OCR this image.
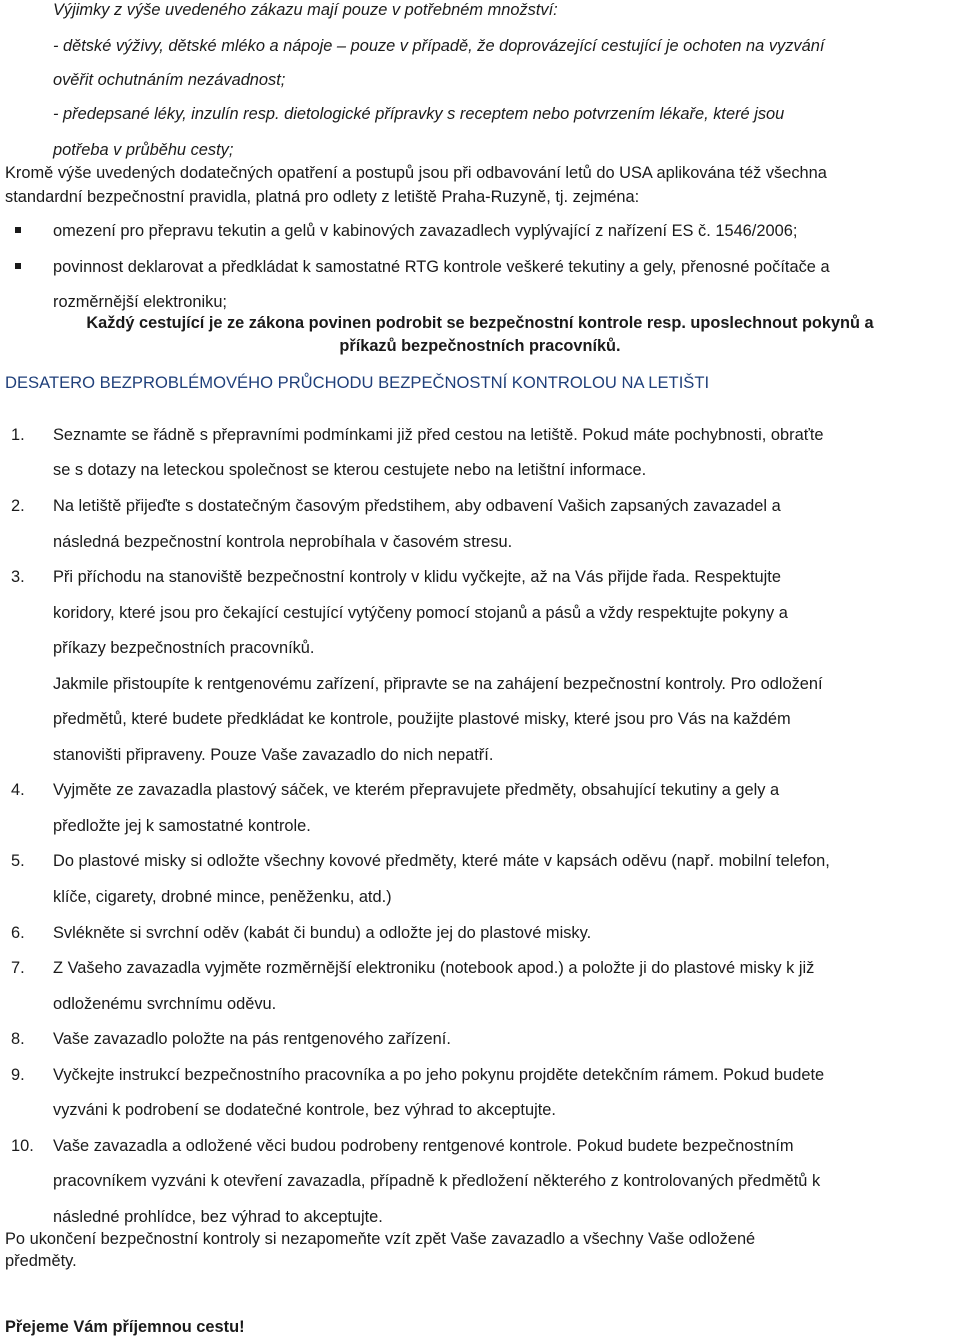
Výjimky z výše uvedeného zákazu mají pouze v potřebném množství:
- dětské výživy, dětské mléko a nápoje – pouze v případě, že doprovázející cestující je ochoten na vyzvání
ověřit ochutnáním nezávadnost;
- předepsané léky, inzulín resp. dietologické přípravky s receptem nebo potvrzením lékaře, které jsou
potřeba v průběhu cesty;
Kromě výše uvedených dodatečných opatření a postupů jsou při odbavování letů do USA aplikována též všechna
standardní bezpečnostní pravidla, platná pro odlety z letiště Praha-Ruzyně, tj. zejména:
omezení pro přepravu tekutin a gelů v kabinových zavazadlech vyplývající z nařízení ES č. 1546/2006;
povinnost deklarovat a předkládat k samostatné RTG kontrole veškeré tekutiny a gely, přenosné počítače a
rozměrnější elektroniku;
Každý cestující je ze zákona povinen podrobit se bezpečnostní kontrole resp. uposlechnout pokynů a
příkazů bezpečnostních pracovníků.
DESATERO BEZPROBLÉMOVÉHO PRŮCHODU BEZPEČNOSTNÍ KONTROLOU NA LETIŠTI
1. Seznamte se řádně s přepravními podmínkami již před cestou na letiště. Pokud máte pochybnosti, obraťte
se s dotazy na leteckou společnost se kterou cestujete nebo na letištní informace.
2. Na letiště přijeďte s dostatečným časovým předstihem, aby odbavení Vašich zapsaných zavazadel a
následná bezpečnostní kontrola neprobíhala v časovém stresu.
3. Při příchodu na stanoviště bezpečnostní kontroly v klidu vyčkejte, až na Vás přijde řada. Respektujte
koridory, které jsou pro čekající cestující vytýčeny pomocí stojanů a pásů a vždy respektujte pokyny a
příkazy bezpečnostních pracovníků.
Jakmile přistoupíte k rentgenovému zařízení, připravte se na zahájení bezpečnostní kontroly. Pro odložení
předmětů, které budete předkládat ke kontrole, použijte plastové misky, které jsou pro Vás na každém
stanovišti připraveny. Pouze Vaše zavazadlo do nich nepatří.
4. Vyjměte ze zavazadla plastový sáček, ve kterém přepravujete předměty, obsahující tekutiny a gely a
předložte jej k samostatné kontrole.
5. Do plastové misky si odložte všechny kovové předměty, které máte v kapsách oděvu (např. mobilní telefon,
klíče, cigarety, drobné mince, peněženku, atd.)
6. Svlékněte si svrchní oděv (kabát či bundu) a odložte jej do plastové misky.
7. Z Vašeho zavazadla vyjměte rozměrnější elektroniku (notebook apod.) a položte ji do plastové misky k již
odloženému svrchnímu oděvu.
8. Vaše zavazadlo položte na pás rentgenového zařízení.
9. Vyčkejte instrukcí bezpečnostního pracovníka a po jeho pokynu projděte detekčním rámem. Pokud budete
vyzváni k podrobení se dodatečné kontrole, bez výhrad to akceptujte.
10. Vaše zavazadla a odložené věci budou podrobeny rentgenové kontrole. Pokud budete bezpečnostním
pracovníkem vyzváni k otevření zavazadla, případně k předložení některého z kontrolovaných předmětů k
následné prohlídce, bez výhrad to akceptujte.
Po ukončení bezpečnostní kontroly si nezapomeňte vzít zpět Vaše zavazadlo a všechny Vaše odložené
předměty.
Přejeme Vám příjemnou cestu!
